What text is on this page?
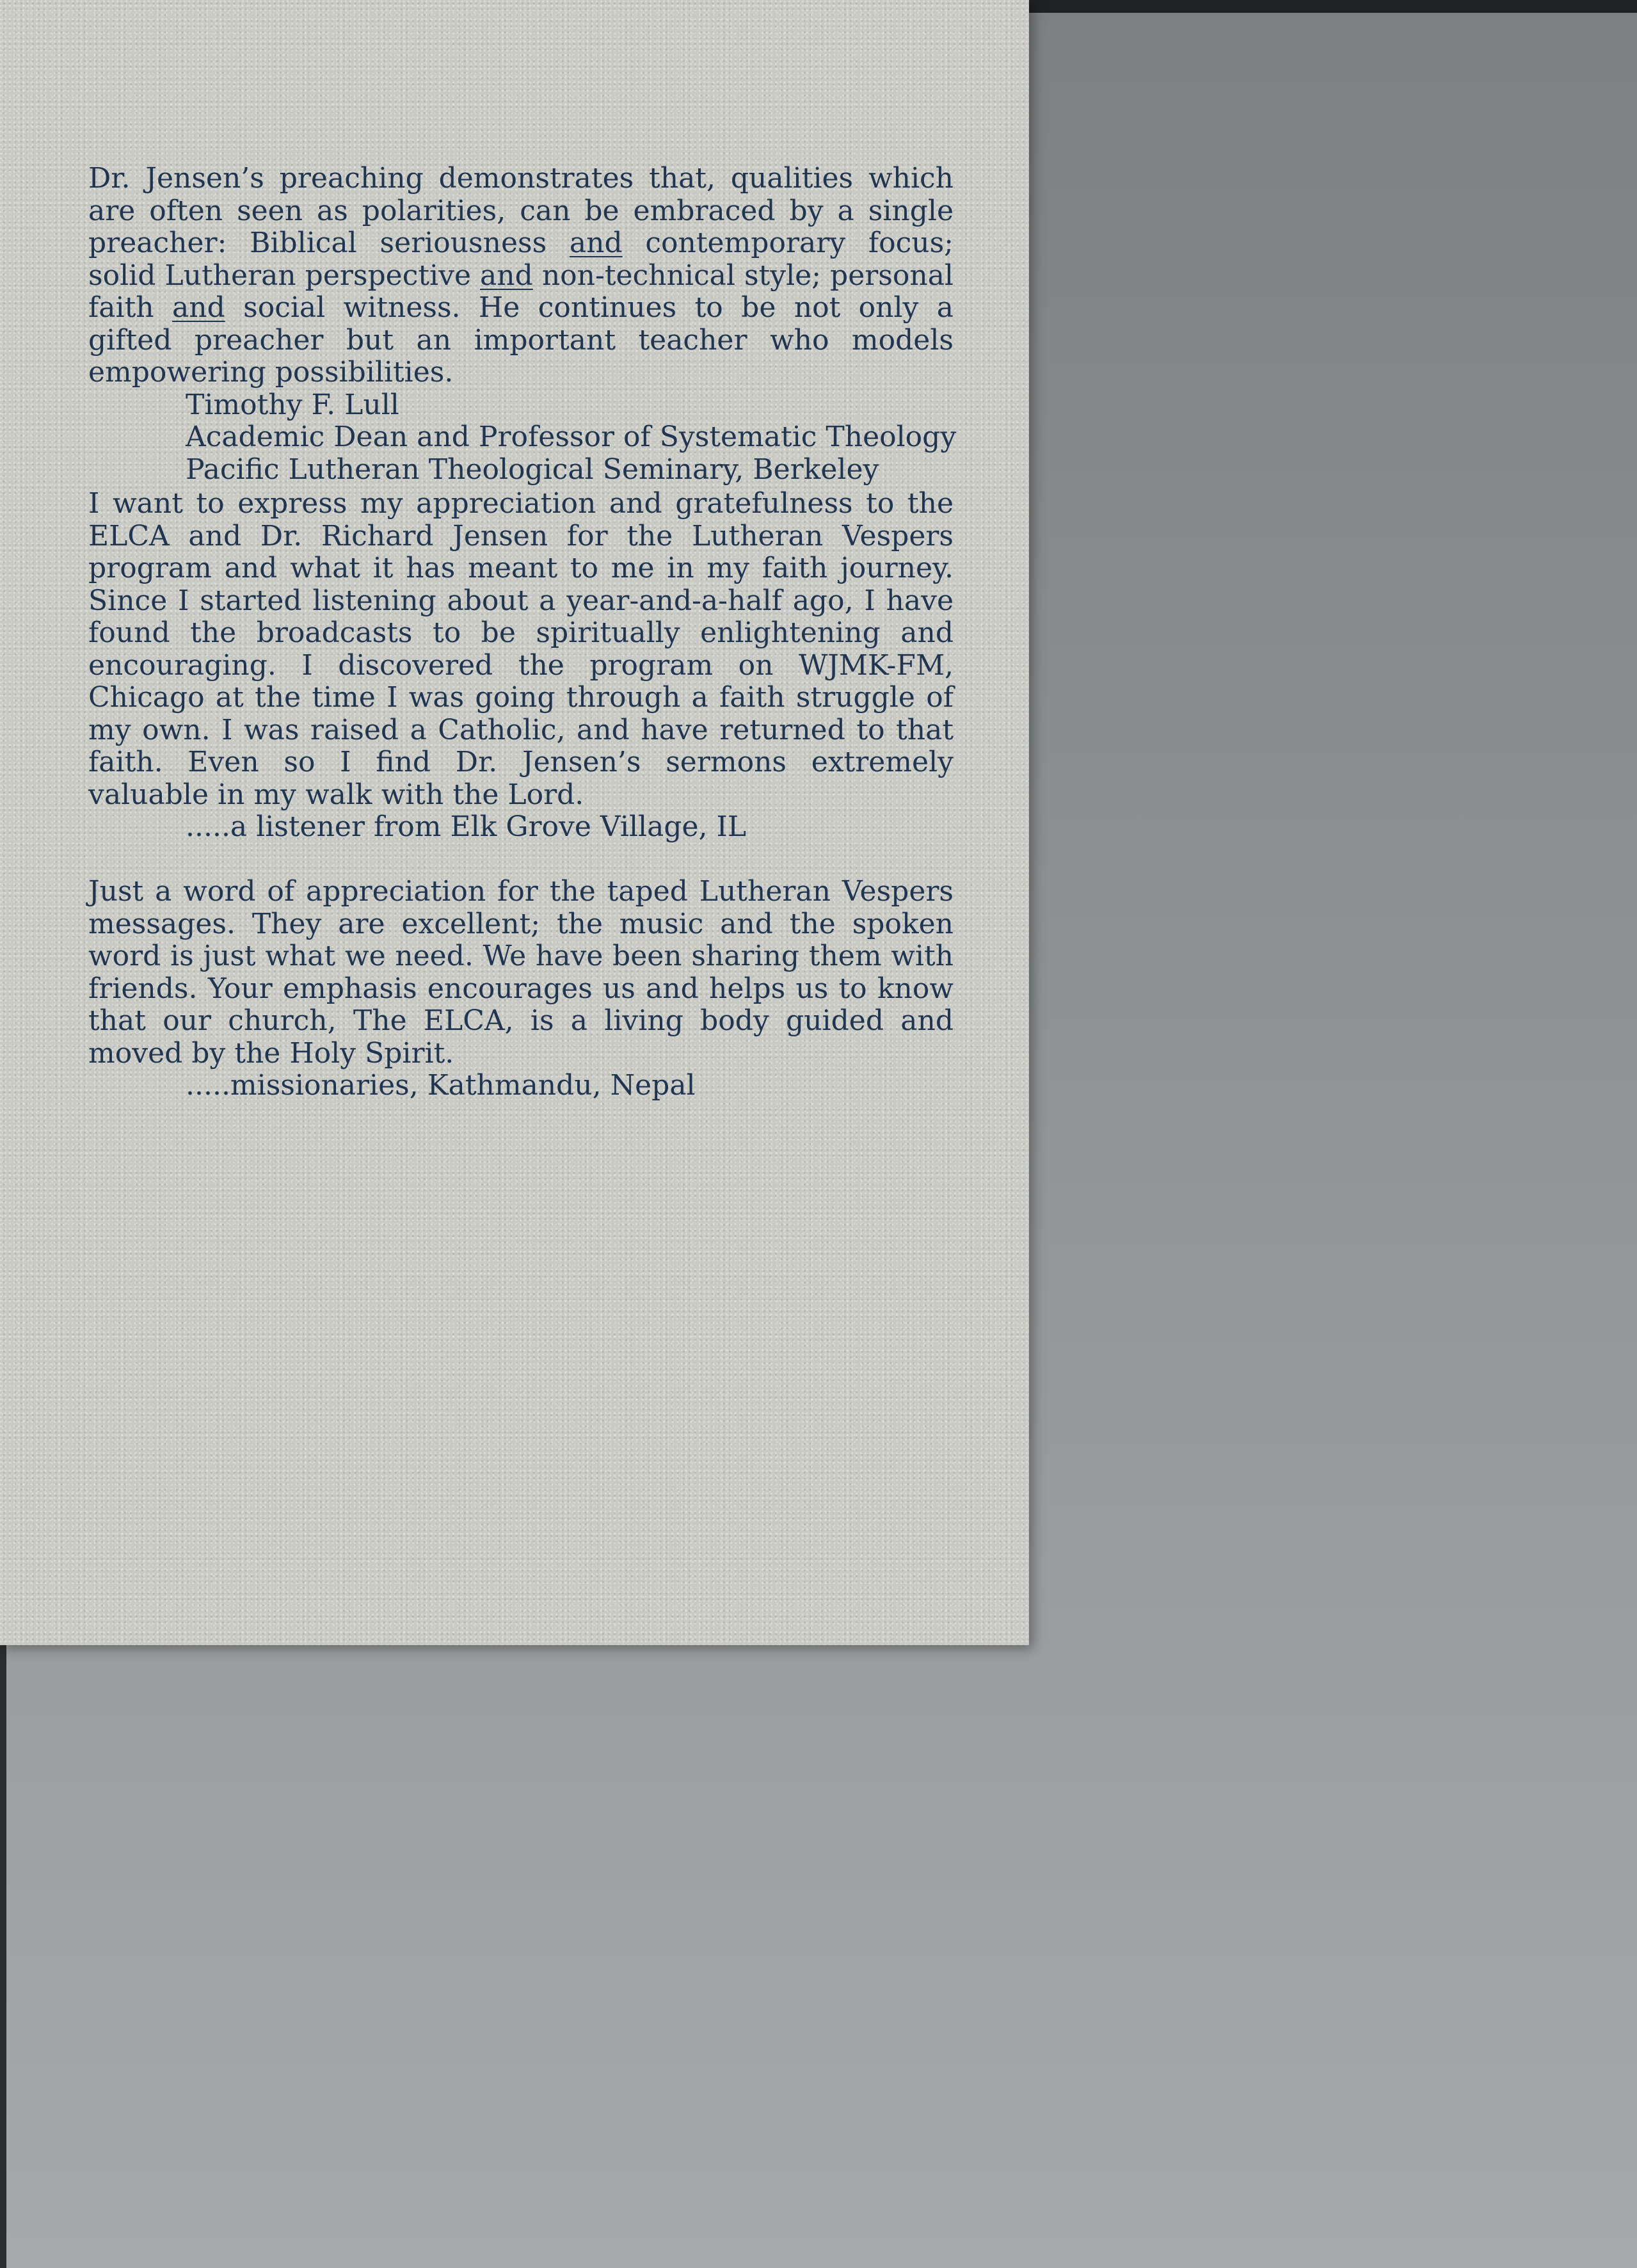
Dr. Jensen’s preaching demonstrates that, qualities which are often seen as polarities, can be embraced by a single preacher: Biblical seriousness and contemporary focus; solid Lutheran perspective and non-technical style; personal faith and social witness. He continues to be not only a gifted preacher but an important teacher who models empowering possibilities.

Timothy F. Lull

Academic Dean and Professor of Systematic Theology

Pacific Lutheran Theological Seminary, Berkeley

I want to express my appreciation and gratefulness to the ELCA and Dr. Richard Jensen for the Lutheran Vespers program and what it has meant to me in my faith journey. Since I started listening about a year-and-a-half ago, I have found the broadcasts to be spiritually enlightening and encouraging. I discovered the program on WJMK-FM, Chicago at the time I was going through a faith struggle of my own. I was raised a Catholic, and have returned to that faith. Even so I find Dr. Jensen’s sermons extremely valuable in my walk with the Lord.

.....a listener from Elk Grove Village, IL

Just a word of appreciation for the taped Lutheran Vespers messages. They are excellent; the music and the spoken word is just what we need. We have been sharing them with friends. Your emphasis encourages us and helps us to know that our church, The ELCA, is a living body guided and moved by the Holy Spirit.

.....missionaries, Kathmandu, Nepal
